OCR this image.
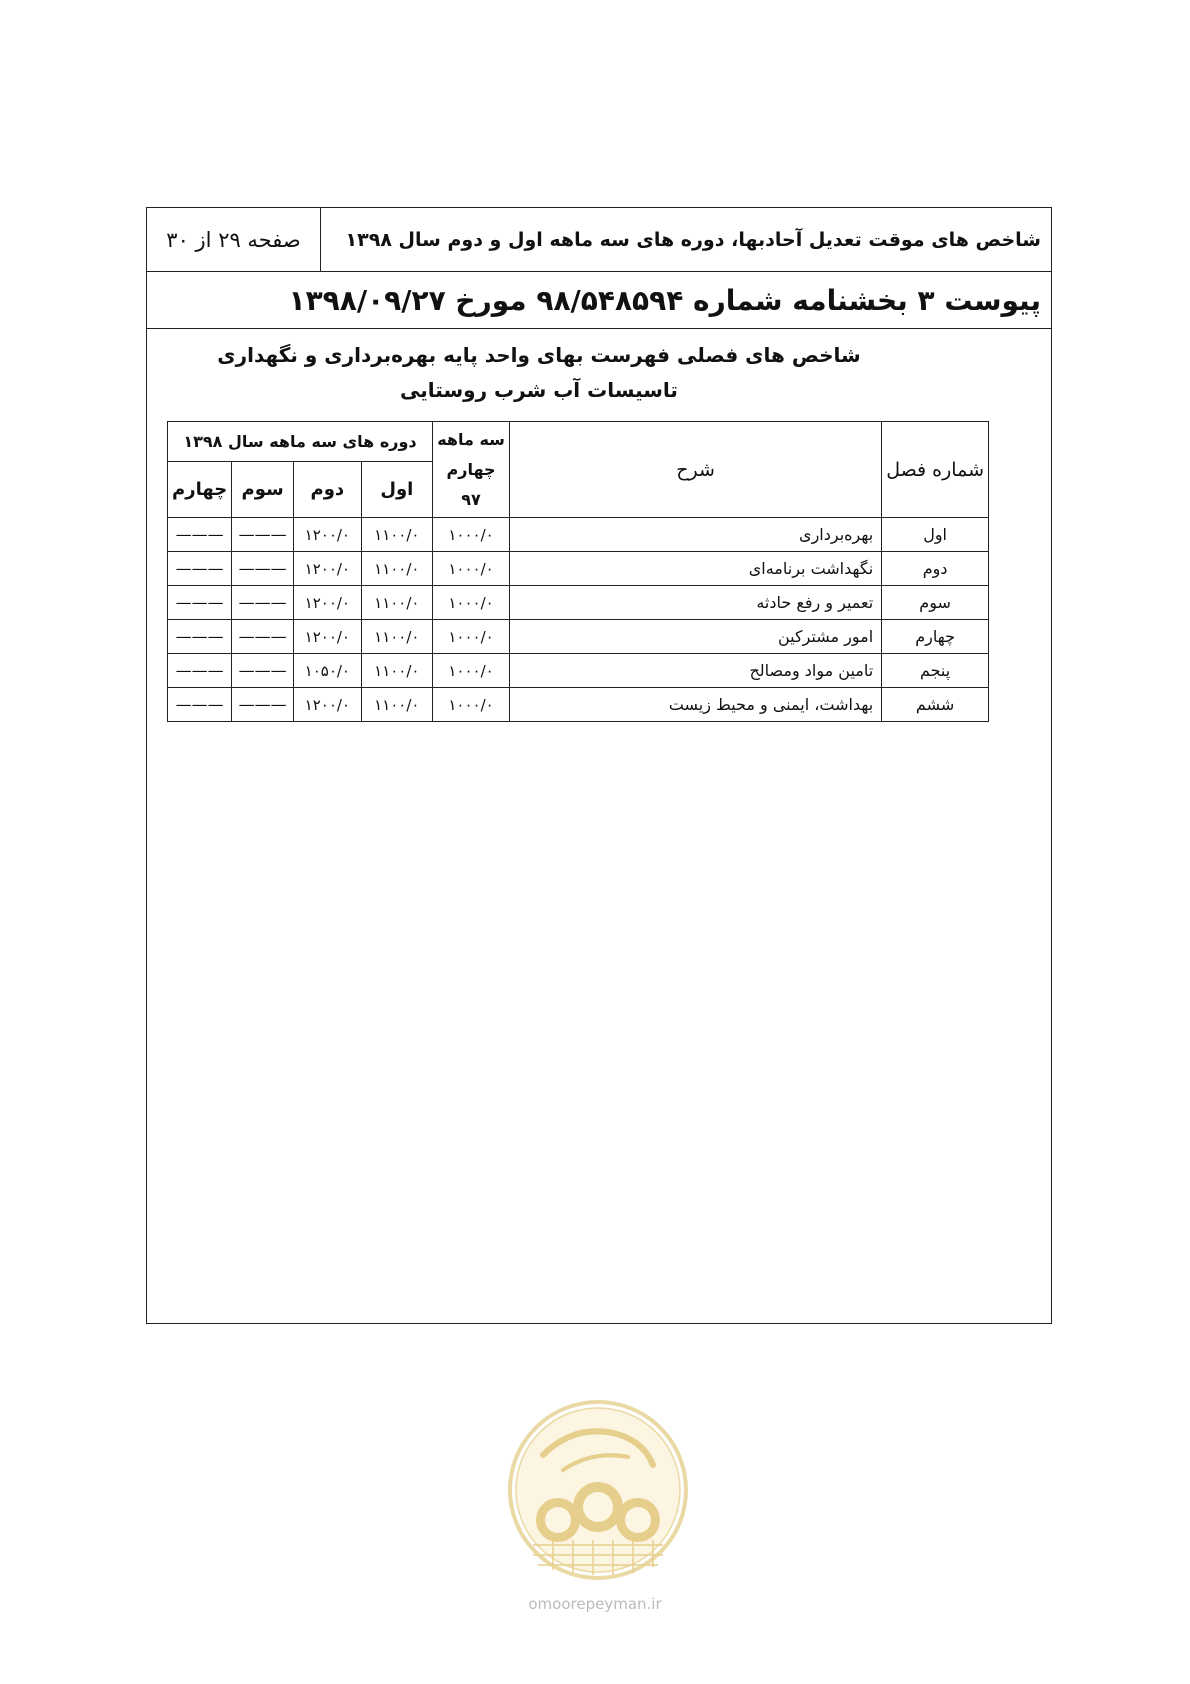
صفحه ۲۹ از ۳۰	شاخص های موقت تعدیل آحادبها، دوره های سه ماهه اول و دوم سال ۱۳۹۸
پیوست ۳ بخشنامه شماره ۹۸/۵۴۸۵۹۴ مورخ ۱۳۹۸/۰۹/۲۷
شاخص های فصلی فهرست بهای واحد پایه بهره‌برداری و نگهداری
تاسیسات آب شرب روستایی
شماره فصل	شرح	سه ماهه چهارم ۹۷	دوره های سه ماهه سال ۱۳۹۸			
			اول	دوم	سوم	چهارم
اول	بهره‌برداری	۱۰۰۰/۰	۱۱۰۰/۰	۱۲۰۰/۰	———	———
دوم	نگهداشت برنامه‌ای	۱۰۰۰/۰	۱۱۰۰/۰	۱۲۰۰/۰	———	———
سوم	تعمیر و رفع حادثه	۱۰۰۰/۰	۱۱۰۰/۰	۱۲۰۰/۰	———	———
چهارم	امور مشترکین	۱۰۰۰/۰	۱۱۰۰/۰	۱۲۰۰/۰	———	———
پنجم	تامین مواد ومصالح	۱۰۰۰/۰	۱۱۰۰/۰	۱۰۵۰/۰	———	———
ششم	بهداشت، ایمنی و محیط زیست	۱۰۰۰/۰	۱۱۰۰/۰	۱۲۰۰/۰	———	———
omoorepeyman.ir
